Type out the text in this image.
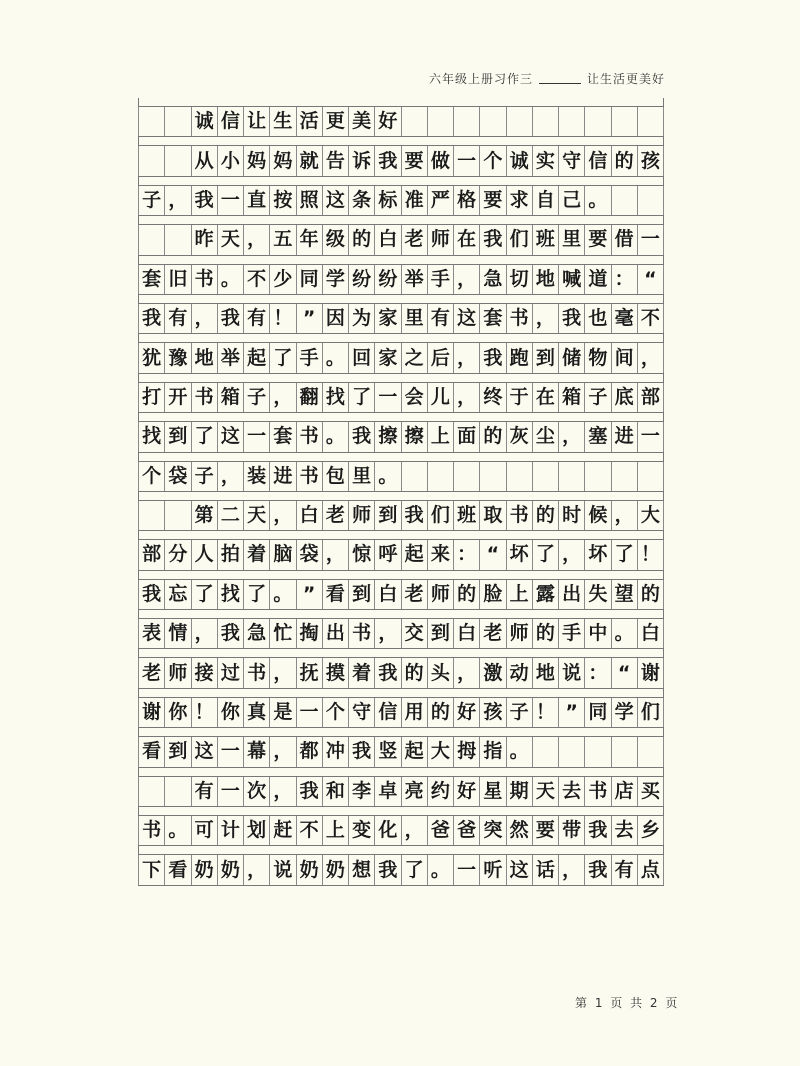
六年级上册习作三	让生活更美好
诚 信 让 生 活 更 美 好
从 小 妈 妈 就 告 诉 我 要 做 一 个 诚 实 守 信 的 孩
子 ， 我 一 直 按 照 这 条 标 准 严 格 要 求 自 己 。
昨 天 ， 五 年 级 的 白 老 师 在 我 们 班 里 要 借 一
套 旧 书 。 不 少 同 学 纷 纷 举 手 ， 急 切 地 喊 道 ： “
我 有 ， 我 有 ！ ” 因 为 家 里 有 这 套 书 ， 我 也 毫 不
犹 豫 地 举 起 了 手 。 回 家 之 后 ， 我 跑 到 储 物 间 ，
打 开 书 箱 子 ， 翻 找 了 一 会 儿 ， 终 于 在 箱 子 底 部
找 到 了 这 一 套 书 。 我 擦 擦 上 面 的 灰 尘 ， 塞 进 一
个 袋 子 ， 装 进 书 包 里 。
第 二 天 ， 白 老 师 到 我 们 班 取 书 的 时 候 ， 大
部 分 人 拍 着 脑 袋 ， 惊 呼 起 来 ： “ 坏 了 ， 坏 了 ！
我 忘 了 找 了 。 ” 看 到 白 老 师 的 脸 上 露 出 失 望 的
表 情 ， 我 急 忙 掏 出 书 ， 交 到 白 老 师 的 手 中 。 白
老 师 接 过 书 ， 抚 摸 着 我 的 头 ， 激 动 地 说 ： “ 谢
谢 你 ！ 你 真 是 一 个 守 信 用 的 好 孩 子 ！ ” 同 学 们
看 到 这 一 幕 ， 都 冲 我 竖 起 大 拇 指 。
有 一 次 ， 我 和 李 卓 亮 约 好 星 期 天 去 书 店 买
书 。 可 计 划 赶 不 上 变 化 ， 爸 爸 突 然 要 带 我 去 乡
下 看 奶 奶 ， 说 奶 奶 想 我 了 。 一 听 这 话 ， 我 有 点
第 1 页 共 2 页
